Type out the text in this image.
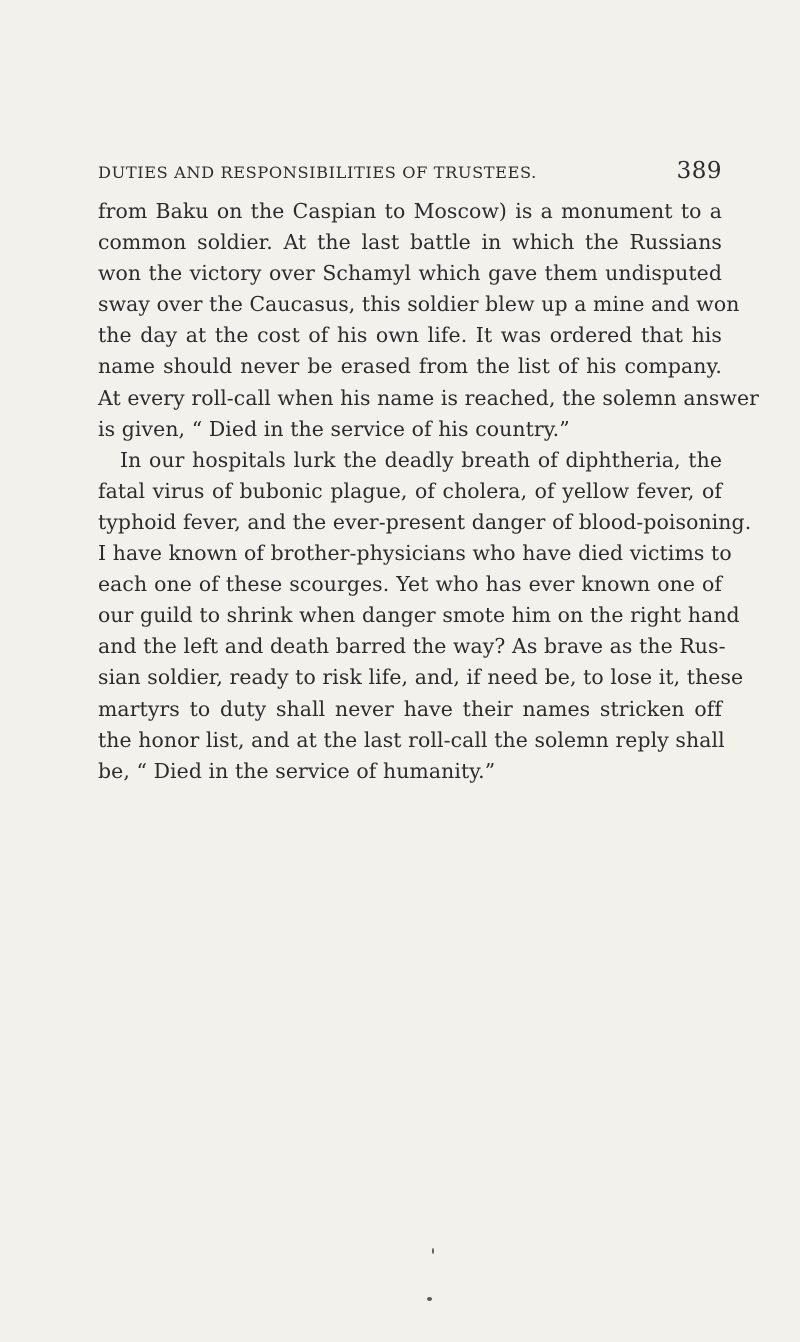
DUTIES AND RESPONSIBILITIES OF TRUSTEES.	389
from Baku on the Caspian to Moscow) is a monument to a
common soldier. At the last battle in which the Russians
won the victory over Schamyl which gave them undisputed
sway over the Caucasus, this soldier blew up a mine and won
the day at the cost of his own life. It was ordered that his
name should never be erased from the list of his company.
At every roll-call when his name is reached, the solemn answer
is given, “ Died in the service of his country.”
In our hospitals lurk the deadly breath of diphtheria, the
fatal virus of bubonic plague, of cholera, of yellow fever, of
typhoid fever, and the ever-present danger of blood-poisoning.
I have known of brother-physicians who have died victims to
each one of these scourges. Yet who has ever known one of
our guild to shrink when danger smote him on the right hand
and the left and death barred the way? As brave as the Rus-
sian soldier, ready to risk life, and, if need be, to lose it, these
martyrs to duty shall never have their names stricken off
the honor list, and at the last roll-call the solemn reply shall
be, “ Died in the service of humanity.”
